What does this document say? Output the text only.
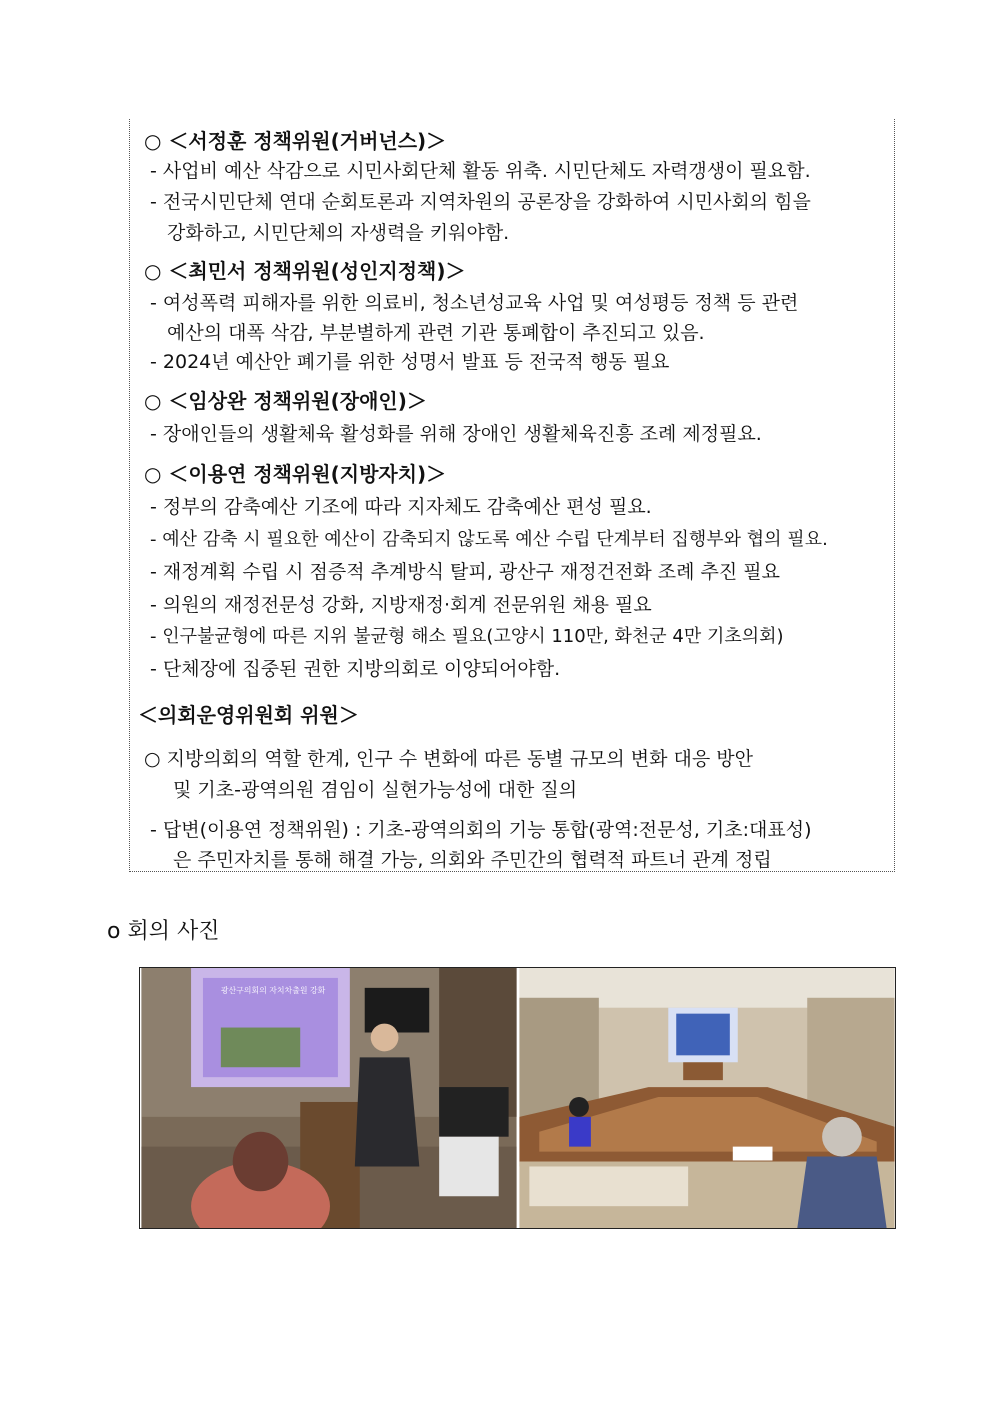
○ ＜서정훈 정책위원(거버넌스)＞
- 사업비 예산 삭감으로 시민사회단체 활동 위축. 시민단체도 자력갱생이 필요함.
- 전국시민단체 연대 순회토론과 지역차원의 공론장을 강화하여 시민사회의 힘을
강화하고, 시민단체의 자생력을 키워야함.
○ ＜최민서 정책위원(성인지정책)＞
- 여성폭력 피해자를 위한 의료비, 청소년성교육 사업 및 여성평등 정책 등 관련
예산의 대폭 삭감, 부분별하게 관련 기관 통폐합이 추진되고 있음.
- 2024년 예산안 폐기를 위한 성명서 발표 등 전국적 행동 필요
○ ＜임상완 정책위원(장애인)＞
- 장애인들의 생활체육 활성화를 위해 장애인 생활체육진흥 조례 제정필요.
○ ＜이용연 정책위원(지방자치)＞
- 정부의 감축예산 기조에 따라 지자체도 감축예산 편성 필요.
- 예산 감축 시 필요한 예산이 감축되지 않도록 예산 수립 단계부터 집행부와 협의 필요.
- 재정계획 수립 시 점증적 추계방식 탈피, 광산구 재정건전화 조례 추진 필요
- 의원의 재정전문성 강화, 지방재정·회계 전문위원 채용 필요
- 인구불균형에 따른 지위 불균형 해소 필요(고양시 110만, 화천군 4만 기초의회)
- 단체장에 집중된 권한 지방의회로 이양되어야함.
＜의회운영위원회 위원＞
○ 지방의회의 역할 한계, 인구 수 변화에 따른 동별 규모의 변화 대응 방안
및 기초-광역의원 겸임이 실현가능성에 대한 질의
- 답변(이용연 정책위원) : 기초-광역의회의 기능 통합(광역:전문성, 기초:대표성)
은 주민자치를 통해 해결 가능, 의회와 주민간의 협력적 파트너 관계 정립
o 회의 사진
광산구의회의 자치차출원 강화
